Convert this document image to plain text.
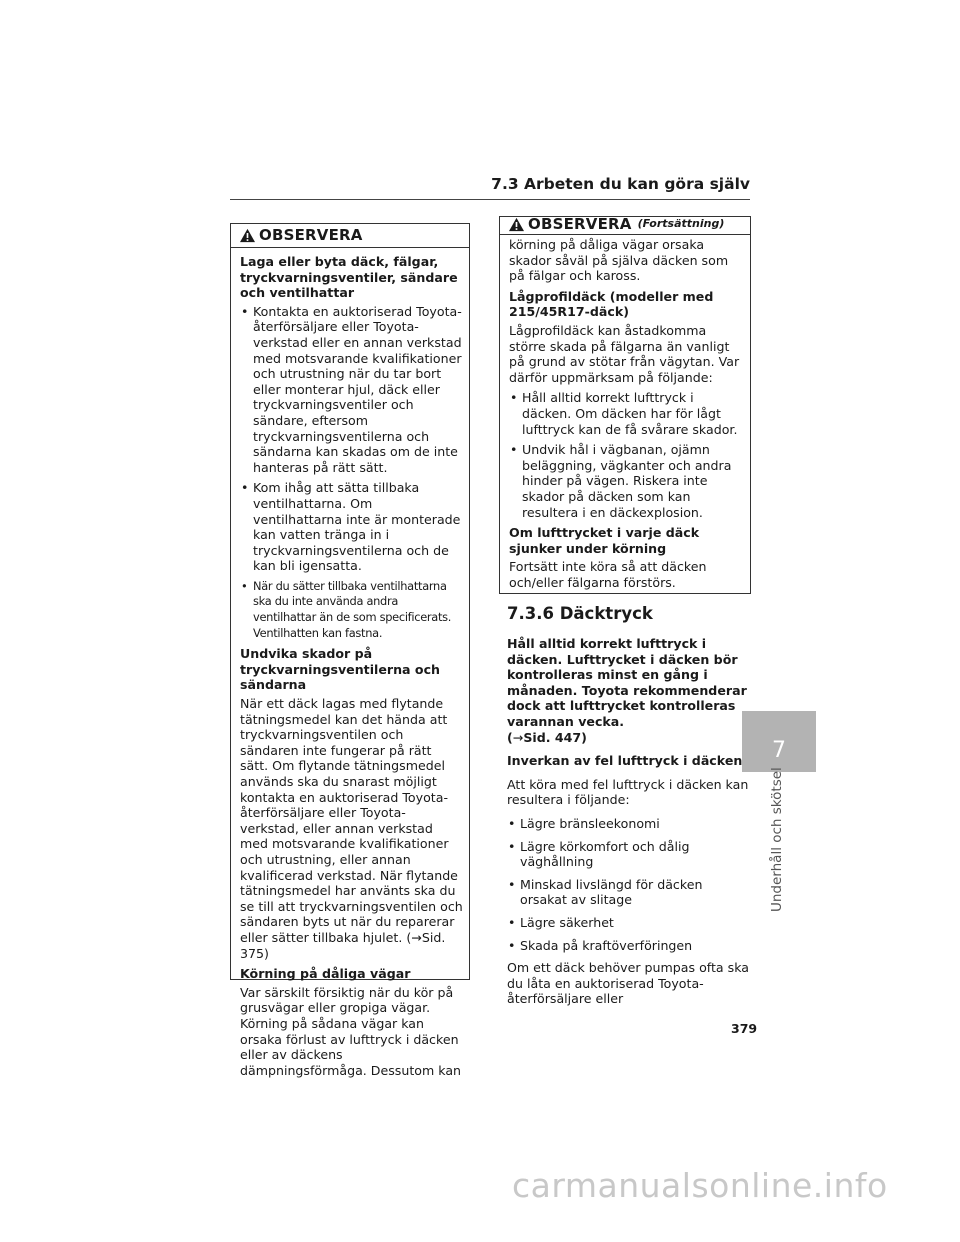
7.3 Arbeten du kan göra själv
OBSERVERA

Laga eller byta däck, fälgar, tryckvarningsventiler, sändare och ventilhattar

• Kontakta en auktoriserad Toyota-återförsäljare eller Toyota-verkstad eller en annan verkstad med motsvarande kvalifikationer och utrustning när du tar bort eller monterar hjul, däck eller tryckvarningsventiler och sändare, eftersom tryckvarningsventilerna och sändarna kan skadas om de inte hanteras på rätt sätt.
• Kom ihåg att sätta tillbaka ventilhattarna. Om ventilhattarna inte är monterade kan vatten tränga in i tryckvarningsventilerna och de kan bli igensatta.
• När du sätter tillbaka ventilhattarna ska du inte använda andra ventilhattar än de som specificerats. Ventilhatten kan fastna.

Undvika skador på tryckvarningsventilerna och sändarna

När ett däck lagas med flytande tätningsmedel kan det hända att tryckvarningsventilen och sändaren inte fungerar på rätt sätt. Om flytande tätningsmedel används ska du snarast möjligt kontakta en auktoriserad Toyota-återförsäljare eller Toyota-verkstad, eller annan verkstad med motsvarande kvalifikationer och utrustning, eller annan kvalificerad verkstad. När flytande tätningsmedel har använts ska du se till att tryckvarningsventilen och sändaren byts ut när du reparerar eller sätter tillbaka hjulet. (→Sid. 375)

Körning på dåliga vägar

Var särskilt försiktig när du kör på grusvägar eller gropiga vägar. Körning på sådana vägar kan orsaka förlust av lufttryck i däcken eller av däckens dämpningsförmåga. Dessutom kan

OBSERVERA (Fortsättning)

körning på dåliga vägar orsaka skador såväl på själva däcken som på fälgar och kaross.

Lågprofildäck (modeller med 215/45R17-däck)

Lågprofildäck kan åstadkomma större skada på fälgarna än vanligt på grund av stötar från vägytan. Var därför uppmärksam på följande:

• Håll alltid korrekt lufttryck i däcken. Om däcken har för lågt lufttryck kan de få svårare skador.
• Undvik hål i vägbanan, ojämn beläggning, vägkanter och andra hinder på vägen. Riskera inte skador på däcken som kan resultera i en däckexplosion.

Om lufttrycket i varje däck sjunker under körning

Fortsätt inte köra så att däcken och/eller fälgarna förstörs.

7.3.6 Däcktryck

Håll alltid korrekt lufttryck i däcken. Lufttrycket i däcken bör kontrolleras minst en gång i månaden. Toyota rekommenderar dock att lufttrycket kontrolleras varannan vecka.
(→Sid. 447)

Inverkan av fel lufttryck i däcken

Att köra med fel lufttryck i däcken kan resultera i följande:

• Lägre bränsleekonomi
• Lägre körkomfort och dålig väghållning
• Minskad livslängd för däcken orsakat av slitage
• Lägre säkerhet
• Skada på kraftöverföringen

Om ett däck behöver pumpas ofta ska du låta en auktoriserad Toyota-återförsäljare eller

7
Underhåll och skötsel
379
carmanualsonline.info
